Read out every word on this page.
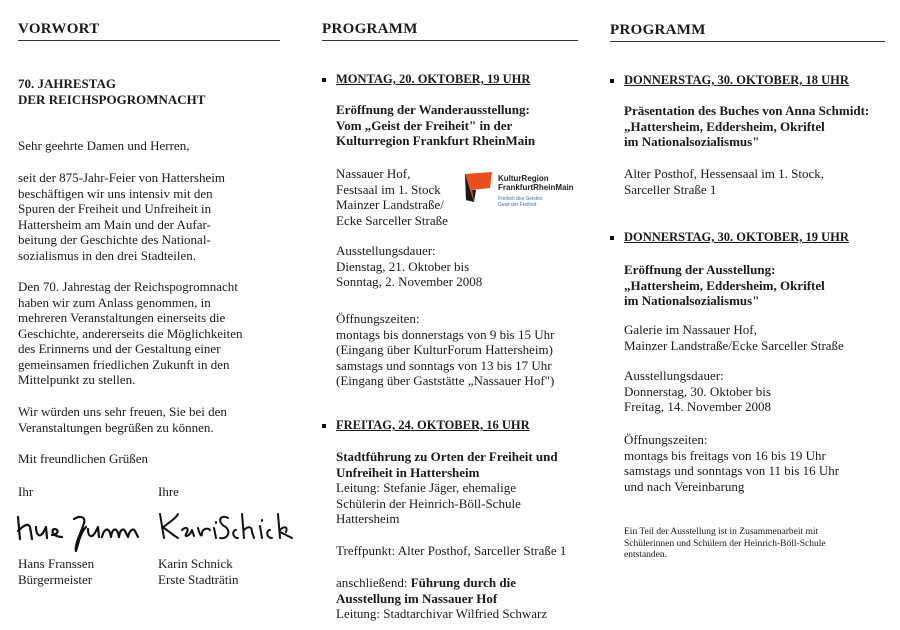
VORWORT

70. JAHRESTAG
DER REICHSPOGROMNACHT

Sehr geehrte Damen und Herren,

seit der 875-Jahr-Feier von Hattersheim
beschäftigen wir uns intensiv mit den
Spuren der Freiheit und Unfreiheit in
Hattersheim am Main und der Aufar-
beitung der Geschichte des National-
sozialismus in den drei Stadteilen.

Den 70. Jahrestag der Reichspogromnacht
haben wir zum Anlass genommen, in
mehreren Veranstaltungen einerseits die
Geschichte, andererseits die Möglichkeiten
des Erinnerns und der Gestaltung einer
gemeinsamen friedlichen Zukunft in den
Mittelpunkt zu stellen.

Wir würden uns sehr freuen, Sie bei den
Veranstaltungen begrüßen zu können.

Mit freundlichen Grüßen

Ihr	Ihre

Hans Franssen
Bürgermeister

Karin Schnick
Erste Stadträtin

PROGRAMM
MONTAG, 20. OKTOBER, 19 UHR

Eröffnung der Wanderausstellung:
Vom „Geist der Freiheit" in der
Kulturregion Frankfurt RheinMain

Nassauer Hof,
Festsaal im 1. Stock
Mainzer Landstraße/
Ecke Sarceller Straße

KulturRegion
FrankfurtRheinMain
Freiheit des Geistes
Geist der Freiheit

Ausstellungsdauer:
Dienstag, 21. Oktober bis
Sonntag, 2. November 2008

Öffnungszeiten:
montags bis donnerstags von 9 bis 15 Uhr
(Eingang über KulturForum Hattersheim)
samstags und sonntags von 13 bis 17 Uhr
(Eingang über Gaststätte „Nassauer Hof")

FREITAG, 24. OKTOBER, 16 UHR

Stadtführung zu Orten der Freiheit und
Unfreiheit in Hattersheim

Leitung: Stefanie Jäger, ehemalige
Schülerin der Heinrich-Böll-Schule
Hattersheim

Treffpunkt: Alter Posthof, Sarceller Straße 1

anschließend: Führung durch die
Ausstellung im Nassauer Hof
Leitung: Stadtarchivar Wilfried Schwarz

PROGRAMM
DONNERSTAG, 30. OKTOBER, 18 UHR

Präsentation des Buches von Anna Schmidt:
„Hattersheim, Eddersheim, Okriftel
im Nationalsozialismus"

Alter Posthof, Hessensaal im 1. Stock,
Sarceller Straße 1

DONNERSTAG, 30. OKTOBER, 19 UHR

Eröffnung der Ausstellung:
„Hattersheim, Eddersheim, Okriftel
im Nationalsozialismus"

Galerie im Nassauer Hof,
Mainzer Landstraße/Ecke Sarceller Straße

Ausstellungsdauer:
Donnerstag, 30. Oktober bis
Freitag, 14. November 2008

Öffnungszeiten:
montags bis freitags von 16 bis 19 Uhr
samstags und sonntags von 11 bis 16 Uhr
und nach Vereinbarung

Ein Teil der Ausstellung ist in Zusammenarbeit mit
Schülerinnen und Schülern der Heinrich-Böll-Schule
entstanden.
